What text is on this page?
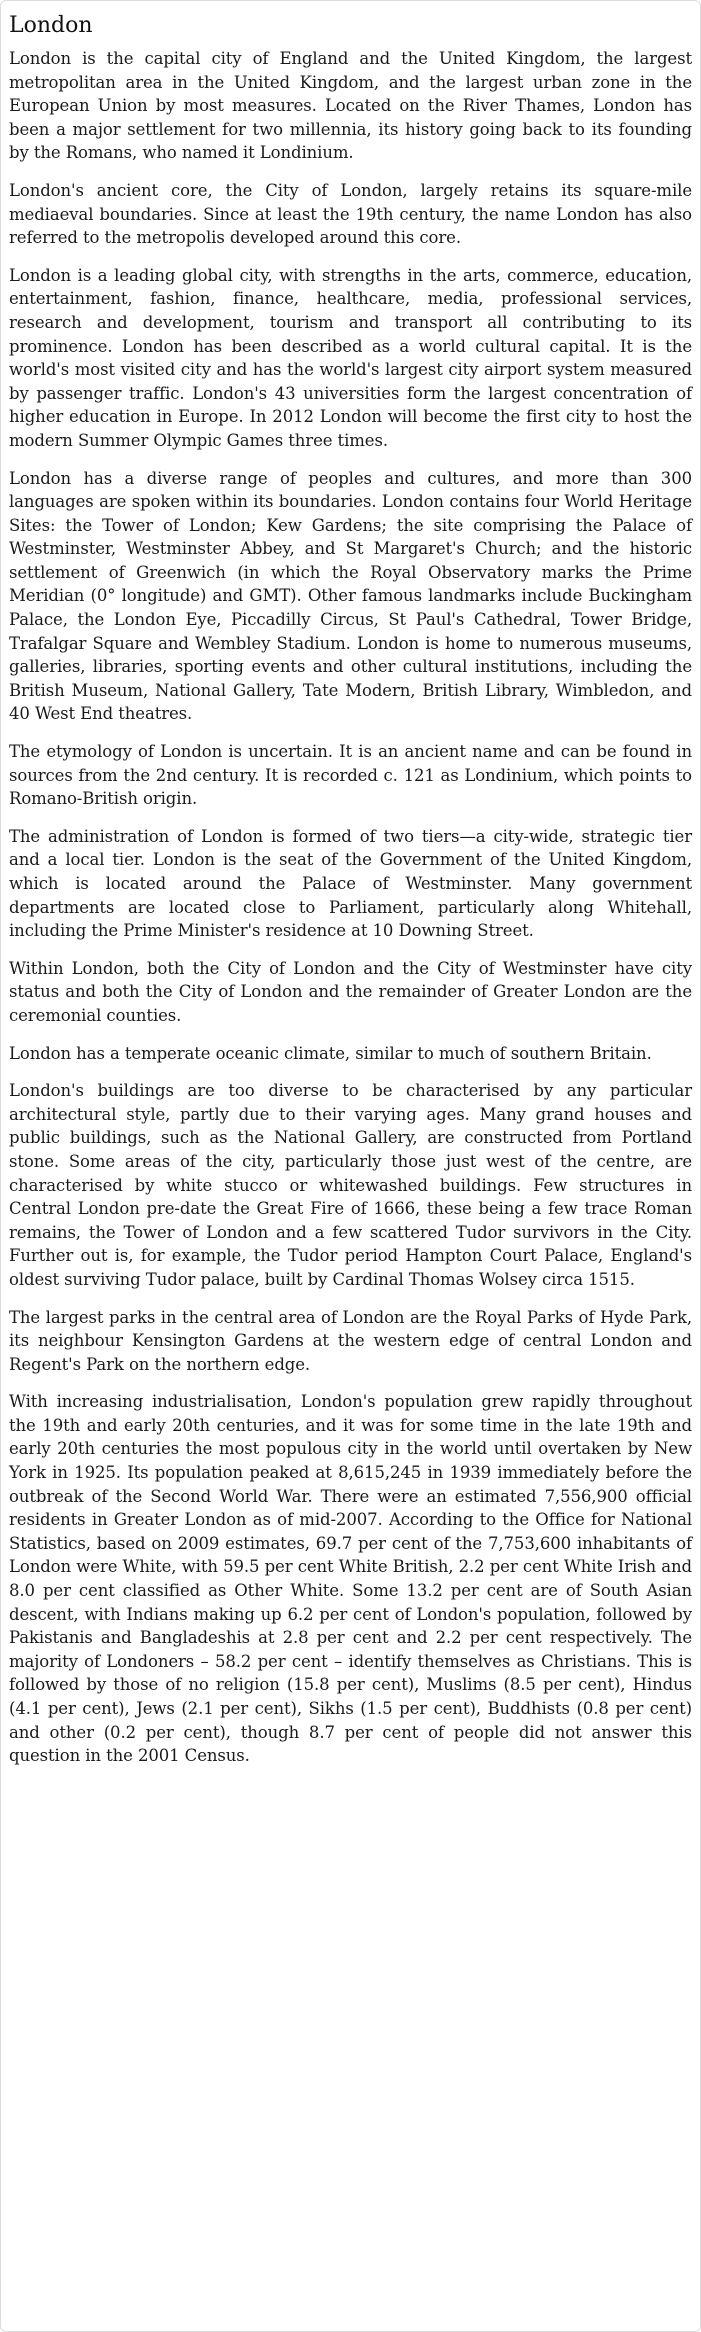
London

London is the capital city of England and the United Kingdom, the largest metropolitan area in the United Kingdom, and the largest urban zone in the European Union by most measures. Located on the River Thames, London has been a major settlement for two millennia, its history going back to its founding by the Romans, who named it Londinium.

London's ancient core, the City of London, largely retains its square-mile mediaeval boundaries. Since at least the 19th century, the name London has also referred to the metropolis developed around this core.

London is a leading global city, with strengths in the arts, commerce, education, entertainment, fashion, finance, healthcare, media, professional services, research and development, tourism and transport all contributing to its prominence. London has been described as a world cultural capital. It is the world's most visited city and has the world's largest city airport system measured by passenger traffic. London's 43 universities form the largest concentration of higher education in Europe. In 2012 London will become the first city to host the modern Summer Olympic Games three times.

London has a diverse range of peoples and cultures, and more than 300 languages are spoken within its boundaries. London contains four World Heritage Sites: the Tower of London; Kew Gardens; the site comprising the Palace of Westminster, Westminster Abbey, and St Margaret's Church; and the historic settlement of Greenwich (in which the Royal Observatory marks the Prime Meridian (0° longitude) and GMT). Other famous landmarks include Buckingham Palace, the London Eye, Piccadilly Circus, St Paul's Cathedral, Tower Bridge, Trafalgar Square and Wembley Stadium. London is home to numerous museums, galleries, libraries, sporting events and other cultural institutions, including the British Museum, National Gallery, Tate Modern, British Library, Wimbledon, and 40 West End theatres.

The etymology of London is uncertain. It is an ancient name and can be found in sources from the 2nd century. It is recorded c. 121 as Londinium, which points to Romano-British origin.

The administration of London is formed of two tiers—a city-wide, strategic tier and a local tier. London is the seat of the Government of the United Kingdom, which is located around the Palace of Westminster. Many government departments are located close to Parliament, particularly along Whitehall, including the Prime Minister's residence at 10 Downing Street.

Within London, both the City of London and the City of Westminster have city status and both the City of London and the remainder of Greater London are the ceremonial counties.

London has a temperate oceanic climate, similar to much of southern Britain.

London's buildings are too diverse to be characterised by any particular architectural style, partly due to their varying ages. Many grand houses and public buildings, such as the National Gallery, are constructed from Portland stone. Some areas of the city, particularly those just west of the centre, are characterised by white stucco or whitewashed buildings. Few structures in Central London pre-date the Great Fire of 1666, these being a few trace Roman remains, the Tower of London and a few scattered Tudor survivors in the City. Further out is, for example, the Tudor period Hampton Court Palace, England's oldest surviving Tudor palace, built by Cardinal Thomas Wolsey circa 1515.

The largest parks in the central area of London are the Royal Parks of Hyde Park, its neighbour Kensington Gardens at the western edge of central London and Regent's Park on the northern edge.

With increasing industrialisation, London's population grew rapidly throughout the 19th and early 20th centuries, and it was for some time in the late 19th and early 20th centuries the most populous city in the world until overtaken by New York in 1925. Its population peaked at 8,615,245 in 1939 immediately before the outbreak of the Second World War. There were an estimated 7,556,900 official residents in Greater London as of mid-2007. According to the Office for National Statistics, based on 2009 estimates, 69.7 per cent of the 7,753,600 inhabitants of London were White, with 59.5 per cent White British, 2.2 per cent White Irish and 8.0 per cent classified as Other White. Some 13.2 per cent are of South Asian descent, with Indians making up 6.2 per cent of London's population, followed by Pakistanis and Bangladeshis at 2.8 per cent and 2.2 per cent respectively. The majority of Londoners – 58.2 per cent – identify themselves as Christians. This is followed by those of no religion (15.8 per cent), Muslims (8.5 per cent), Hindus (4.1 per cent), Jews (2.1 per cent), Sikhs (1.5 per cent), Buddhists (0.8 per cent) and other (0.2 per cent), though 8.7 per cent of people did not answer this question in the 2001 Census.
